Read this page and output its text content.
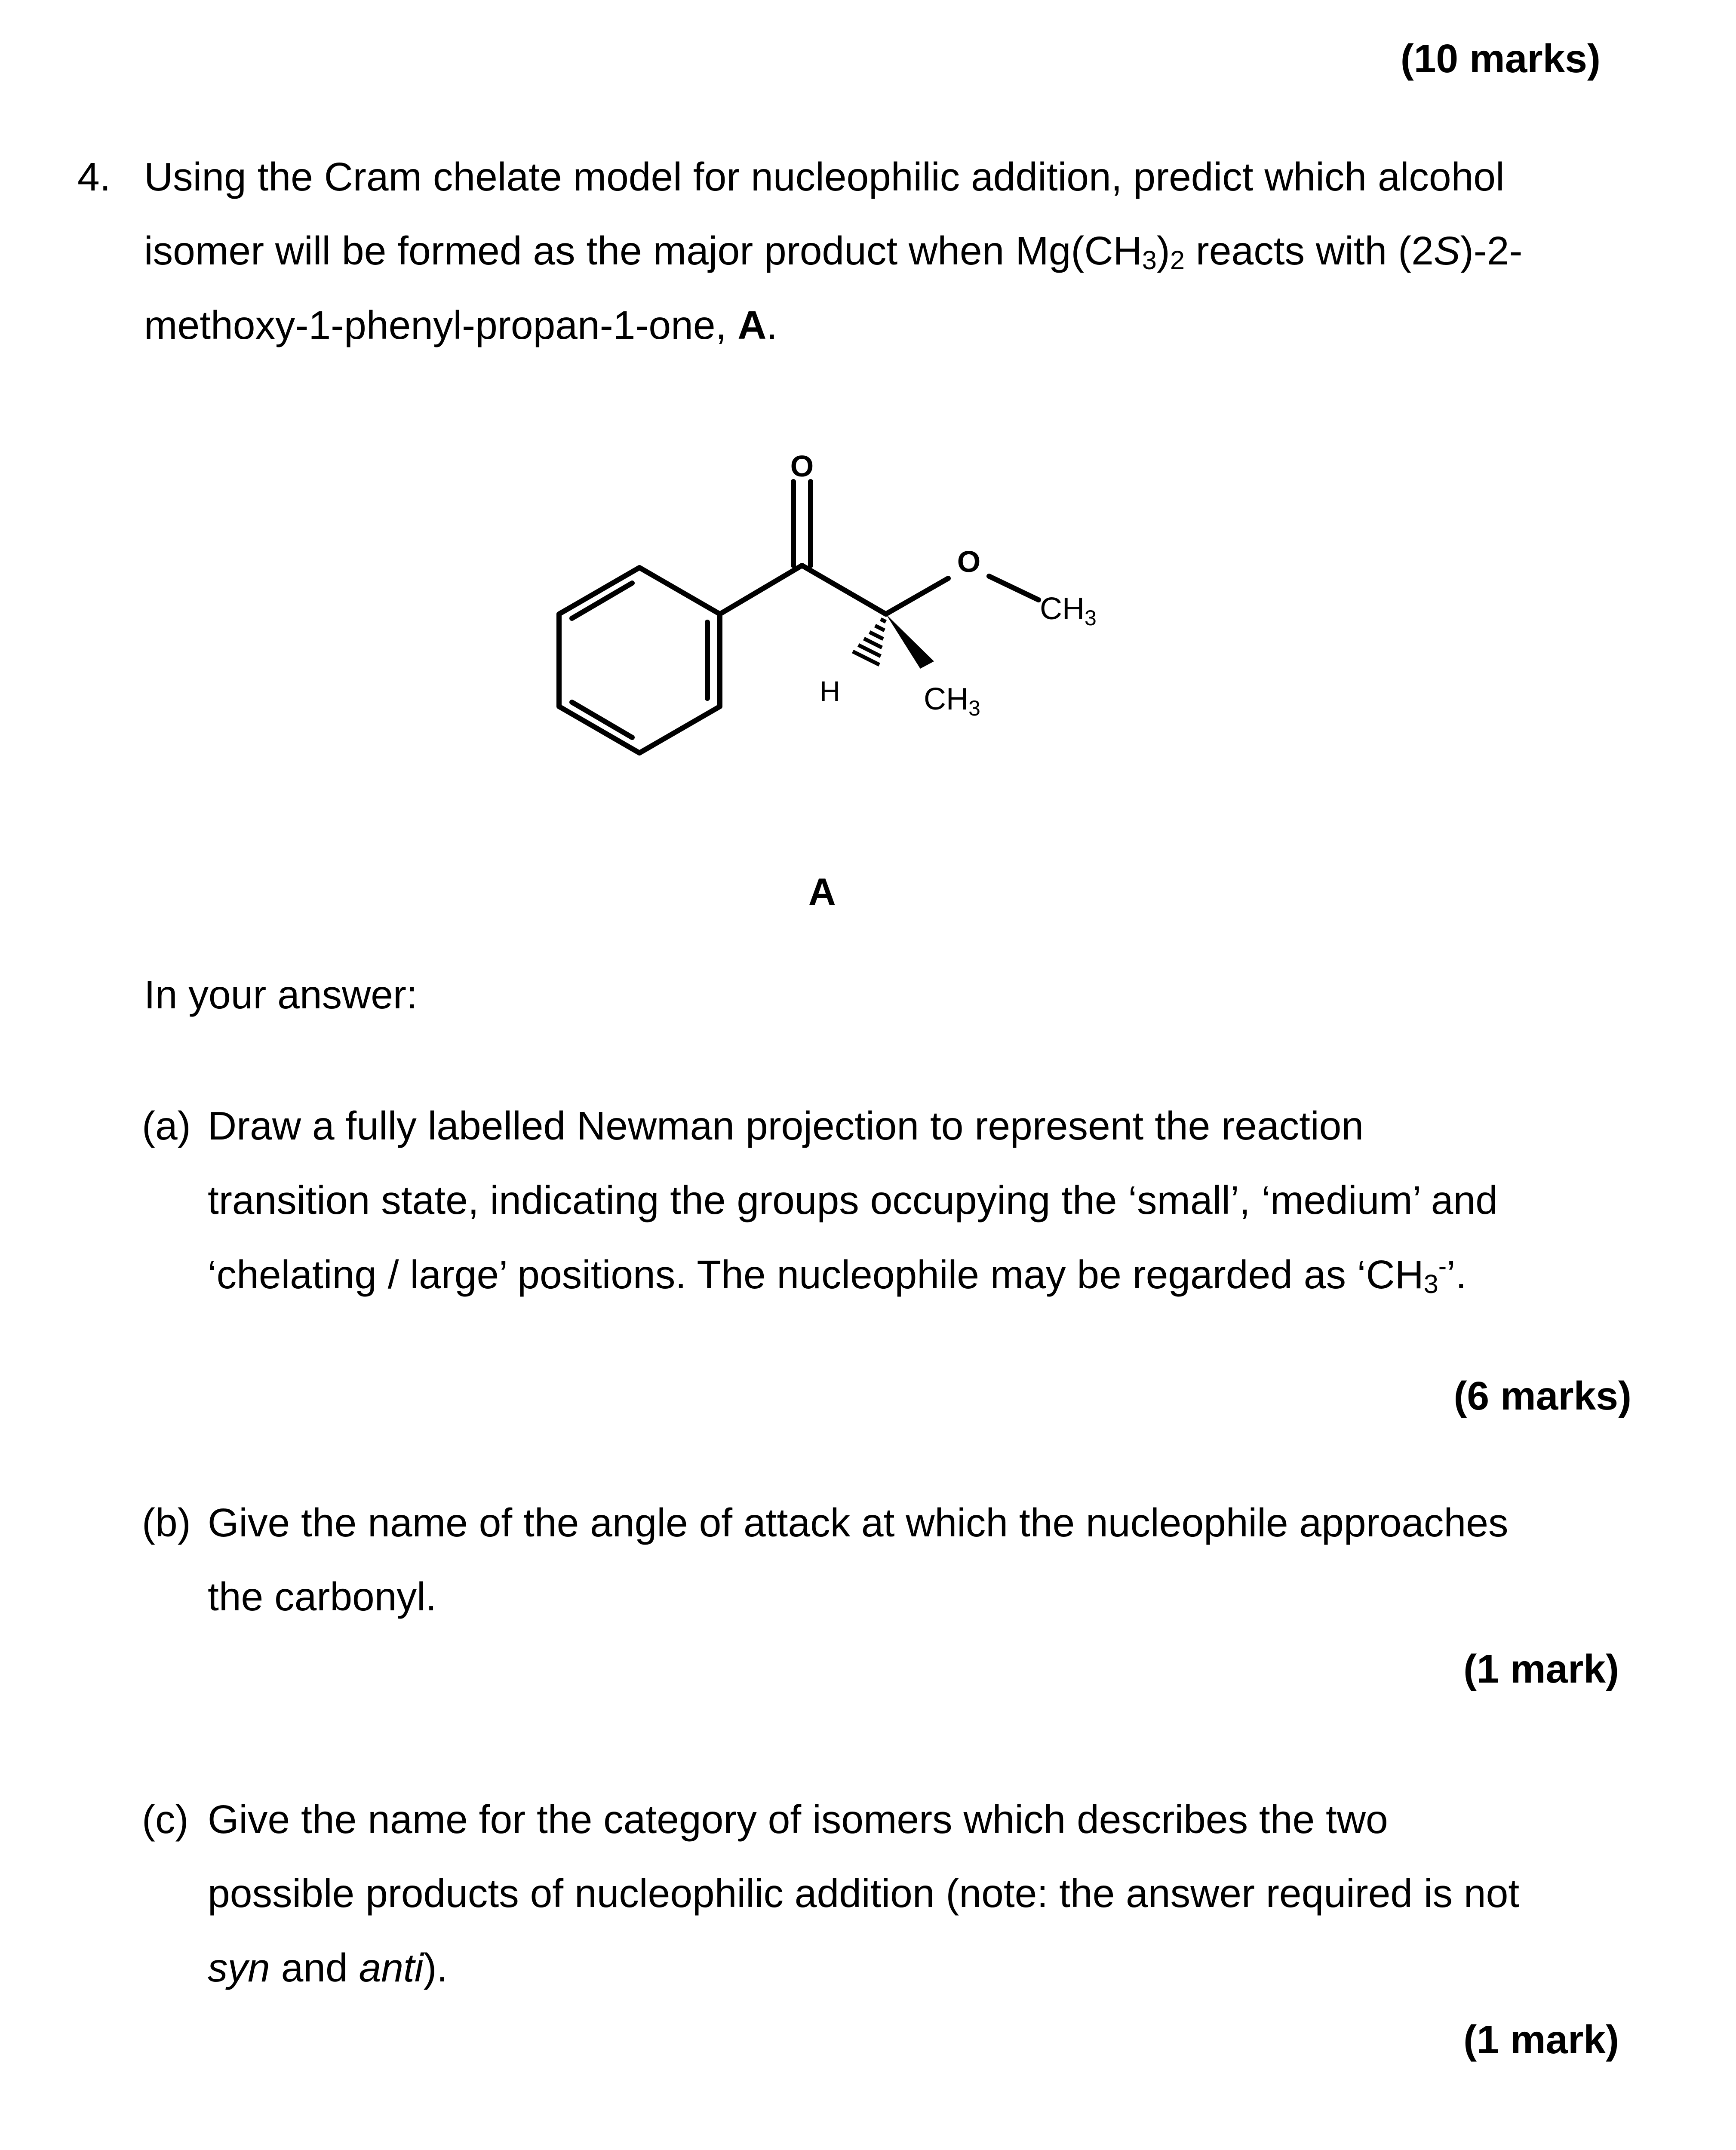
(10 marks)
4. Using the Cram chelate model for nucleophilic addition, predict which alcohol
isomer will be formed as the major product when $Mg(CH_3)_2$ reacts with (2S)-2-
methoxy-1-phenyl-propan-1-one, A.
O
O
CH3
CH3
H
A
In your answer:
(a) Draw a fully labelled Newman projection to represent the reaction
transition state, indicating the groups occupying the ‘small’, ‘medium’ and
‘chelating / large’ positions. The nucleophile may be regarded as ‘$CH_3^-$’.
(6 marks)
(b) Give the name of the angle of attack at which the nucleophile approaches
the carbonyl.
(1 mark)
(c) Give the name for the category of isomers which describes the two
possible products of nucleophilic addition (note: the answer required is not
syn and anti).
(1 mark)
